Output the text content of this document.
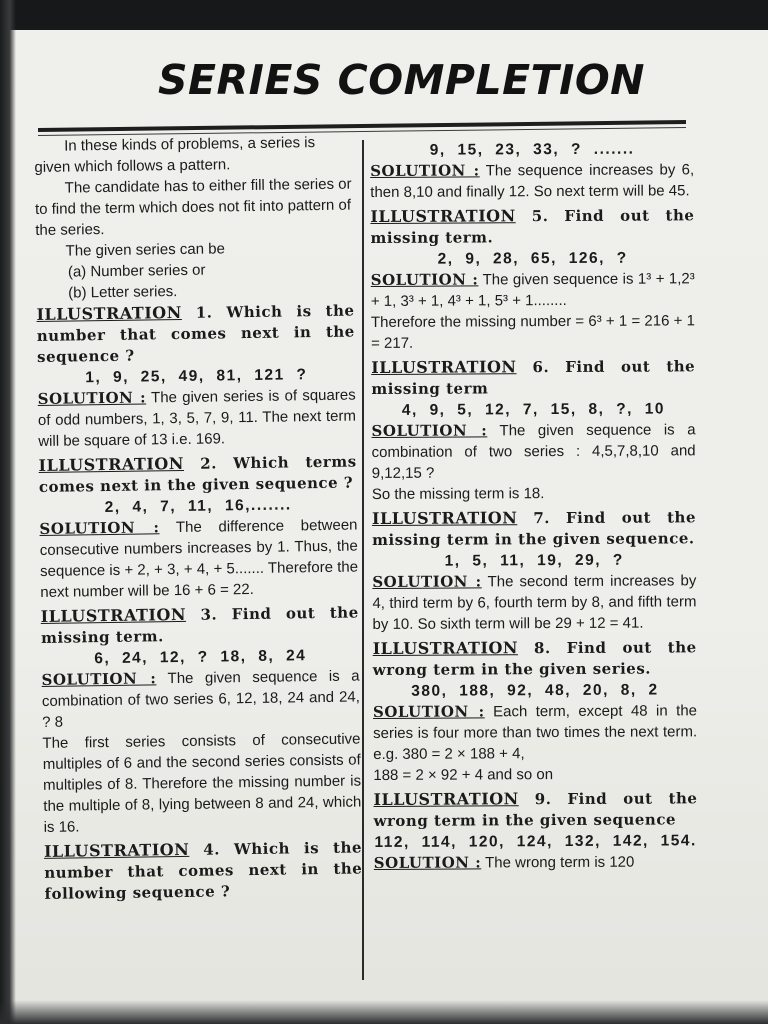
SERIES COMPLETION

In these kinds of problems, a series is given which follows a pattern.

The candidate has to either fill the series or to find the term which does not fit into pattern of the series.

The given series can be

(a) Number series or

(b) Letter series.

ILLUSTRATION 1. Which is the number that comes next in the sequence ?

1, 9, 25, 49, 81, 121 ?

SOLUTION : The given series is of squares of odd numbers, 1, 3, 5, 7, 9, 11. The next term will be square of 13 i.e. 169.

ILLUSTRATION 2. Which terms comes next in the given sequence ?

2, 4, 7, 11, 16,.......

SOLUTION : The difference between consecutive numbers increases by 1. Thus, the sequence is + 2, + 3, + 4, + 5....... Therefore the next number will be 16 + 6 = 22.

ILLUSTRATION 3. Find out the missing term.

6, 24, 12, ? 18, 8, 24

SOLUTION : The given sequence is a combination of two series 6, 12, 18, 24 and 24, ? 8

The first series consists of consecutive multiples of 6 and the second series consists of multiples of 8. Therefore the missing number is the multiple of 8, lying between 8 and 24, which is 16.

ILLUSTRATION 4. Which is the number that comes next in the following sequence ?

9, 15, 23, 33, ? .......

SOLUTION : The sequence increases by 6, then 8,10 and finally 12. So next term will be 45.

ILLUSTRATION 5. Find out the missing term.

2, 9, 28, 65, 126, ?

SOLUTION : The given sequence is 1³ + 1,2³ + 1, 3³ + 1, 4³ + 1, 5³ + 1........

Therefore the missing number = 6³ + 1 = 216 + 1 = 217.

ILLUSTRATION 6. Find out the missing term

4, 9, 5, 12, 7, 15, 8, ?, 10

SOLUTION : The given sequence is a combination of two series : 4,5,7,8,10 and 9,12,15 ?

So the missing term is 18.

ILLUSTRATION 7. Find out the missing term in the given sequence.

1, 5, 11, 19, 29, ?

SOLUTION : The second term increases by 4, third term by 6, fourth term by 8, and fifth term by 10. So sixth term will be 29 + 12 = 41.

ILLUSTRATION 8. Find out the wrong term in the given series.

380, 188, 92, 48, 20, 8, 2

SOLUTION : Each term, except 48 in the series is four more than two times the next term. e.g. 380 = 2 × 188 + 4,

188 = 2 × 92 + 4 and so on

ILLUSTRATION 9. Find out the wrong term in the given sequence

112, 114, 120, 124, 132, 142, 154.

SOLUTION : The wrong term is 120
